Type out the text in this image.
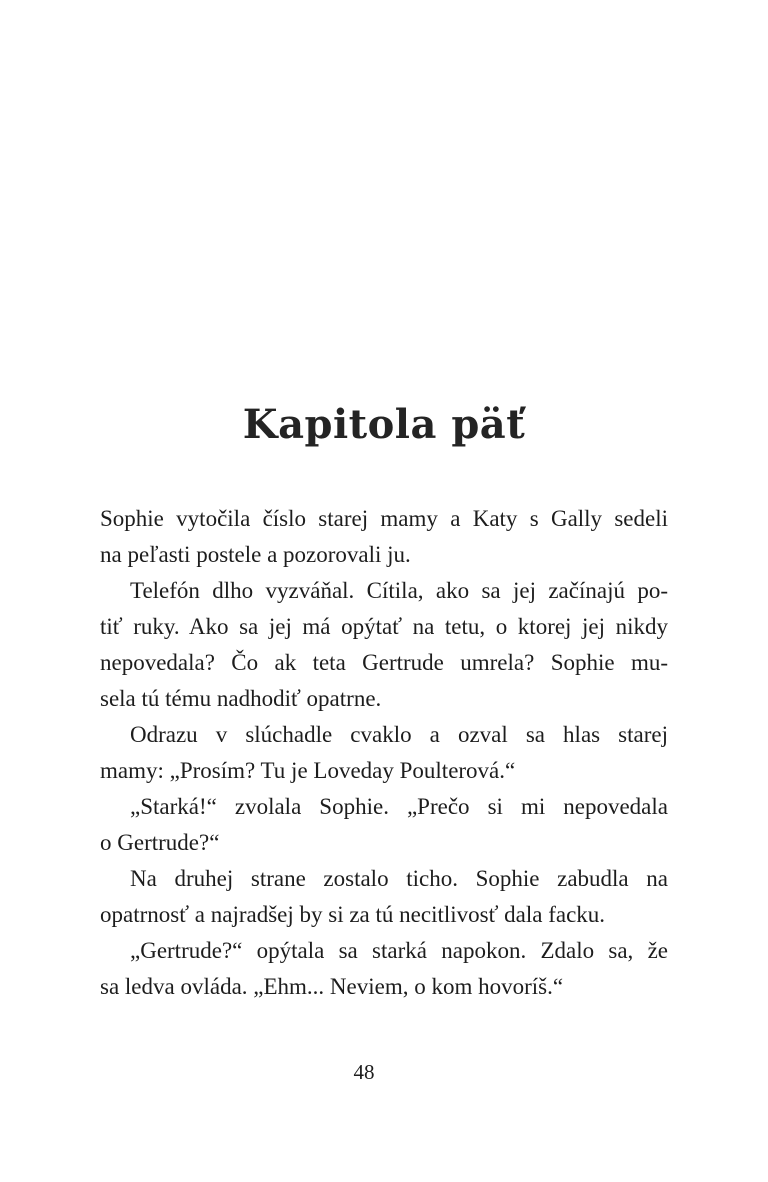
Kapitola päť
Sophie vytočila číslo starej mamy a Katy s Gally sedeli
na peľasti postele a pozorovali ju.
Telefón dlho vyzváňal. Cítila, ako sa jej začínajú po-
tiť ruky. Ako sa jej má opýtať na tetu, o ktorej jej nikdy
nepovedala? Čo ak teta Gertrude umrela? Sophie mu-
sela tú tému nadhodiť opatrne.
Odrazu v slúchadle cvaklo a ozval sa hlas starej
mamy: „Prosím? Tu je Loveday Poulterová.“
„Starká!“ zvolala Sophie. „Prečo si mi nepovedala
o Gertrude?“
Na druhej strane zostalo ticho. Sophie zabudla na
opatrnosť a najradšej by si za tú necitlivosť dala facku.
„Gertrude?“ opýtala sa starká napokon. Zdalo sa, že
sa ledva ovláda. „Ehm... Neviem, o kom hovoríš.“
48
